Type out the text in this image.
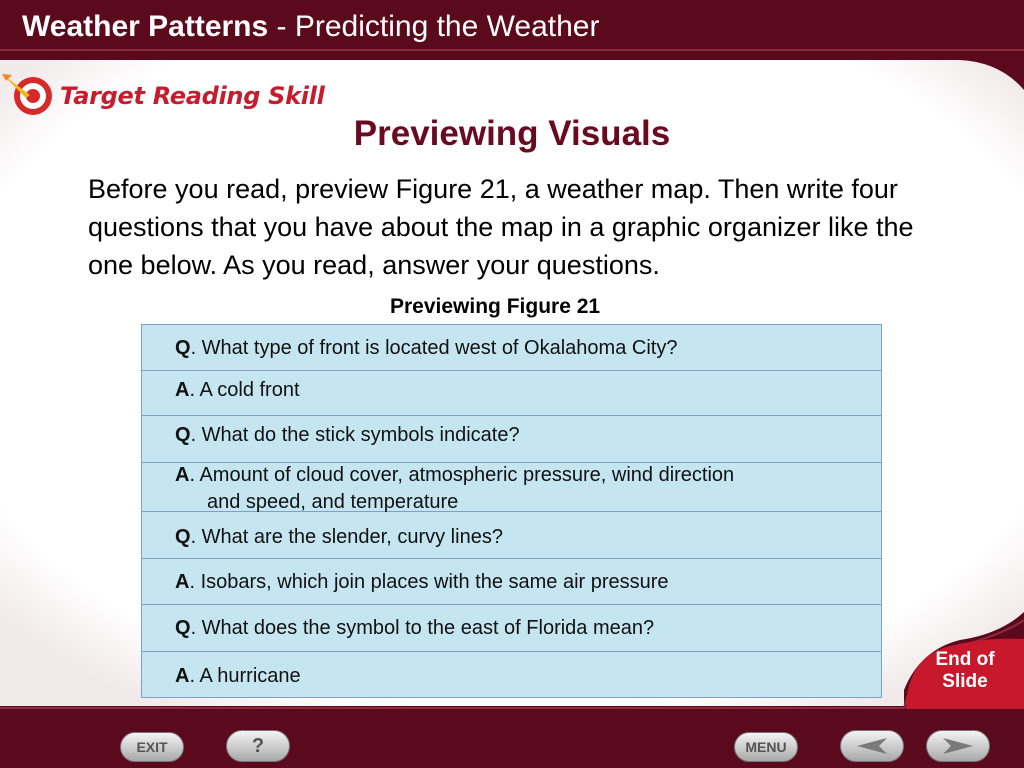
Weather Patterns - Predicting the Weather
Target Reading Skill
Previewing Visuals
Before you read, preview Figure 21, a weather map. Then write four questions that you have about the map in a graphic organizer like the one below. As you read, answer your questions.
Previewing Figure 21
Q. What type of front is located west of Okalahoma City?
A. A cold front
Q. What do the stick symbols indicate?
A. Amount of cloud cover, atmospheric pressure, wind direction
and speed, and temperature
Q. What are the slender, curvy lines?
A. Isobars, which join places with the same air pressure
Q. What does the symbol to the east of Florida mean?
A. A hurricane
End of
Slide
EXIT	?	MENU
